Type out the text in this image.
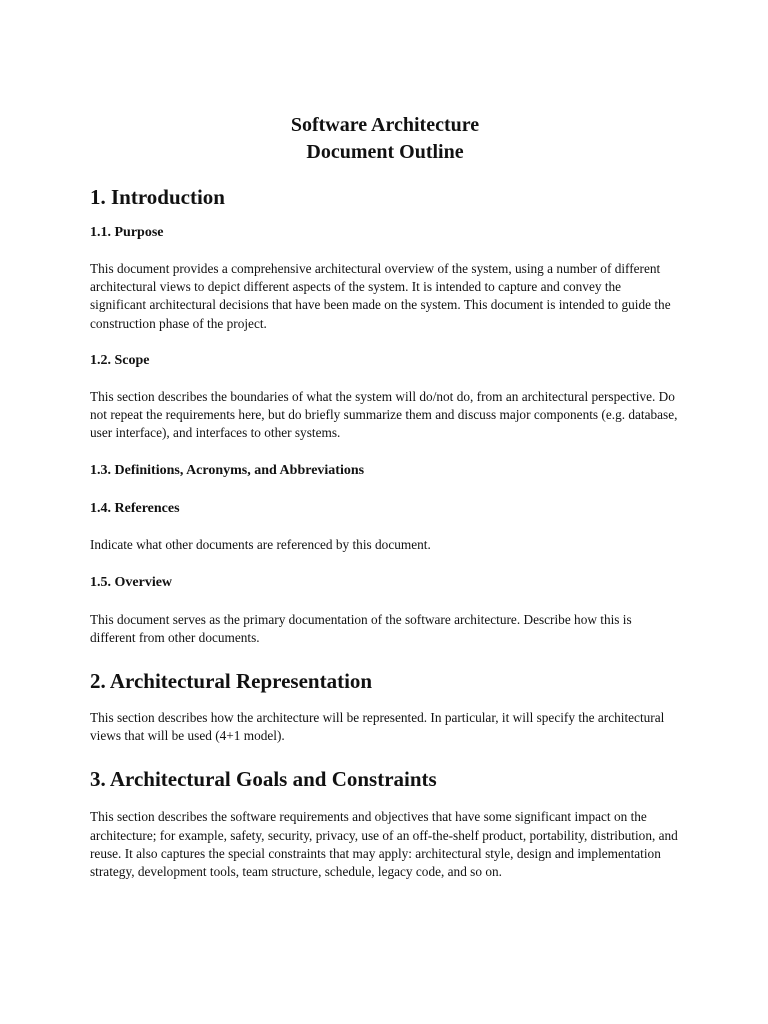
Software Architecture
Document Outline
1. Introduction
1.1. Purpose

This document provides a comprehensive architectural overview of the system, using a number of different architectural views to depict different aspects of the system. It is intended to capture and convey the significant architectural decisions that have been made on the system. This document is intended to guide the construction phase of the project.

1.2. Scope

This section describes the boundaries of what the system will do/not do, from an architectural perspective. Do not repeat the requirements here, but do briefly summarize them and discuss major components (e.g. database, user interface), and interfaces to other systems.

1.3. Definitions, Acronyms, and Abbreviations
1.4. References

Indicate what other documents are referenced by this document.

1.5. Overview

This document serves as the primary documentation of the software architecture. Describe how this is different from other documents.

2. Architectural Representation

This section describes how the architecture will be represented. In particular, it will specify the architectural views that will be used (4+1 model).

3. Architectural Goals and Constraints

This section describes the software requirements and objectives that have some significant impact on the architecture; for example, safety, security, privacy, use of an off-the-shelf product, portability, distribution, and reuse. It also captures the special constraints that may apply: architectural style, design and implementation strategy, development tools, team structure, schedule, legacy code, and so on.
